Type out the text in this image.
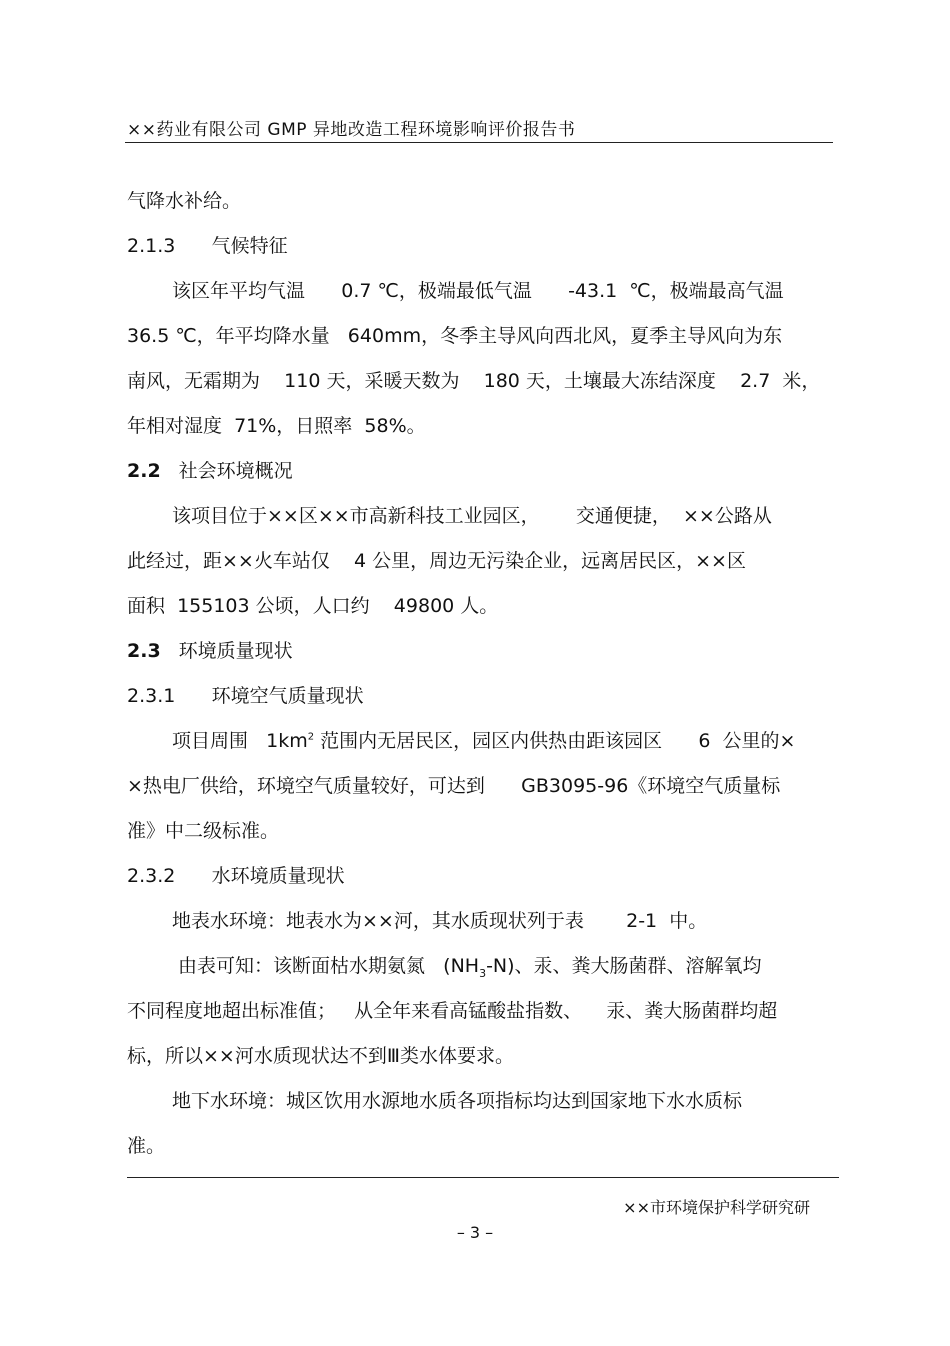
××药业有限公司 GMP 异地改造工程环境影响评价报告书
气降水补给。
2.1.3      气候特征
该区年平均气温      0.7 ℃，极端最低气温      -43.1  ℃，极端最高气温
36.5 ℃，年平均降水量   640mm，冬季主导风向西北风，夏季主导风向为东
南风，无霜期为    110 天，采暖天数为    180 天，土壤最大冻结深度    2.7  米，
年相对湿度  71%，日照率  58%。
2.2 社会环境概况
该项目位于××区××市高新科技工业园区，      交通便捷，  ××公路从
此经过，距××火车站仅    4 公里，周边无污染企业，远离居民区，××区
面积  155103 公顷，人口约    49800 人。
2.3 环境质量现状
2.3.1      环境空气质量现状
项目周围   $1km^2$ 范围内无居民区，园区内供热由距该园区      6  公里的×
×热电厂供给，环境空气质量较好，可达到      GB3095-96《环境空气质量标
准》中二级标准。
2.3.2      水环境质量现状
地表水环境：地表水为××河，其水质现状列于表       2-1  中。
由表可知：该断面枯水期氨氮   $(NH_3-N)$、汞、粪大肠菌群、溶解氧均
不同程度地超出标准值；   从全年来看高锰酸盐指数、    汞、粪大肠菌群均超
标，所以××河水质现状达不到Ⅲ类水体要求。
地下水环境：城区饮用水源地水质各项指标均达到国家地下水水质标
准。
××市环境保护科学研究研
– 3 –
